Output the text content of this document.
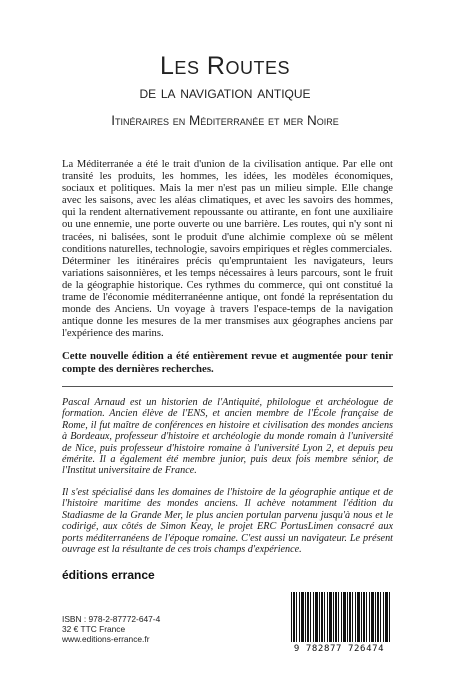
Les Routes
de la navigation antique
Itinéraires en Méditerranée et mer Noire

La Méditerranée a été le trait d'union de la civilisation antique. Par elle ont transité les produits, les hommes, les idées, les modèles économiques, sociaux et politiques. Mais la mer n'est pas un milieu simple. Elle change avec les saisons, avec les aléas climatiques, et avec les savoirs des hommes, qui la rendent alternativement repoussante ou attirante, en font une auxiliaire ou une ennemie, une porte ouverte ou une barrière. Les routes, qui n'y sont ni tracées, ni balisées, sont le produit d'une alchimie complexe où se mêlent conditions naturelles, technologie, savoirs empiriques et règles commerciales.

Déterminer les itinéraires précis qu'empruntaient les navigateurs, leurs variations saisonnières, et les temps nécessaires à leurs parcours, sont le fruit de la géographie historique. Ces rythmes du commerce, qui ont constitué la trame de l'économie méditerranéenne antique, ont fondé la représentation du monde des Anciens. Un voyage à travers l'espace-temps de la navigation antique donne les mesures de la mer transmises aux géographes anciens par l'expérience des marins.

Cette nouvelle édition a été entièrement revue et augmentée pour tenir compte des dernières recherches.

Pascal Arnaud est un historien de l'Antiquité, philologue et archéologue de formation. Ancien élève de l'ENS, et ancien membre de l'École française de Rome, il fut maître de conférences en histoire et civilisation des mondes anciens à Bordeaux, professeur d'histoire et archéologie du monde romain à l'université de Nice, puis professeur d'histoire romaine à l'université Lyon 2, et depuis peu émérite. Il a également été membre junior, puis deux fois membre sénior, de l'Institut universitaire de France.

Il s'est spécialisé dans les domaines de l'histoire de la géographie antique et de l'histoire maritime des mondes anciens. Il achève notamment l'édition du Stadiasme de la Grande Mer, le plus ancien portulan parvenu jusqu'à nous et le codirigé, aux côtés de Simon Keay, le projet ERC PortusLimen consacré aux ports méditerranéens de l'époque romaine. C'est aussi un navigateur. Le présent ouvrage est la résultante de ces trois champs d'expérience.

éditions errance
ISBN : 978-2-87772-647-4
32 € TTC France
www.editions-errance.fr
9 782877 726474
